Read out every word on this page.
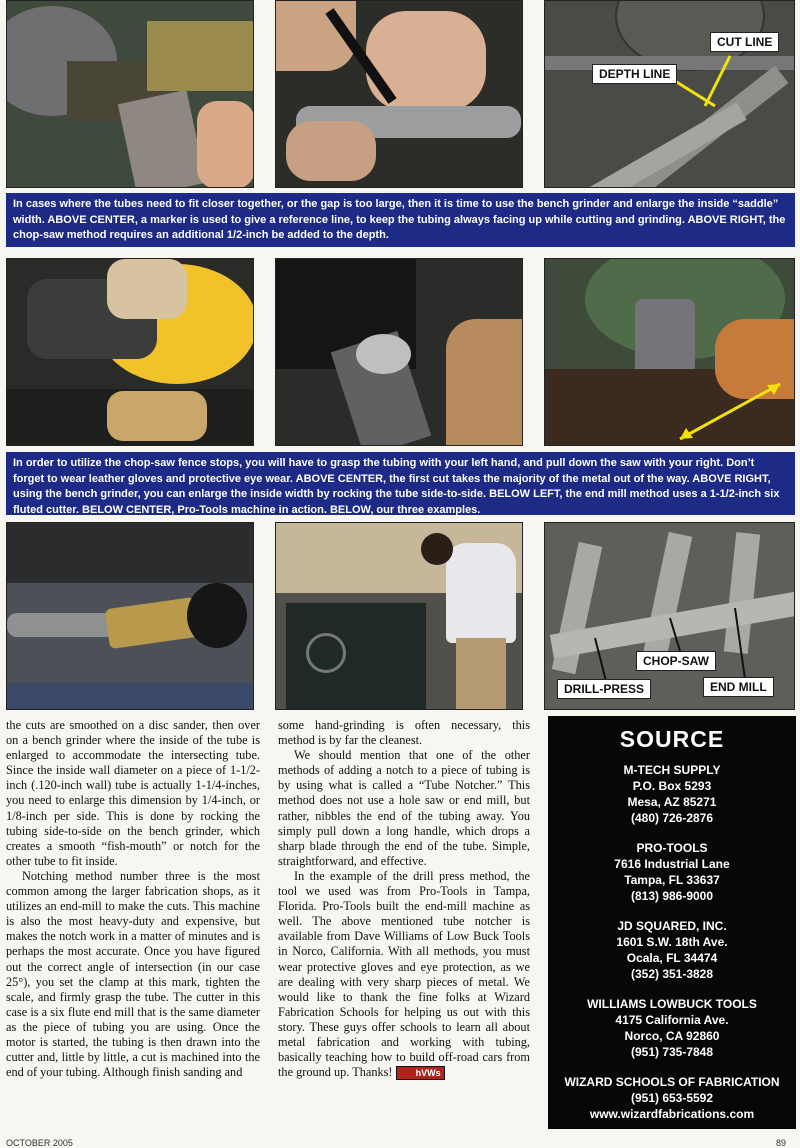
CUT LINE
DEPTH LINE
In cases where the tubes need to fit closer together, or the gap is too large, then it is time to use the bench grinder and enlarge the inside “saddle” width. ABOVE CENTER, a marker is used to give a reference line, to keep the tubing always facing up while cutting and grinding. ABOVE RIGHT, the chop-saw method requires an additional 1/2-inch be added to the depth.
In order to utilize the chop-saw fence stops, you will have to grasp the tubing with your left hand, and pull down the saw with your right. Don’t forget to wear leather gloves and protective eye wear. ABOVE CENTER, the first cut takes the majority of the metal out of the way. ABOVE RIGHT, using the bench grinder, you can enlarge the inside width by rocking the tube side-to-side. BELOW LEFT, the end mill method uses a 1-1/2-inch six fluted cutter. BELOW CENTER, Pro-Tools machine in action. BELOW, our three examples.
CHOP-SAW
DRILL-PRESS	END MILL

the cuts are smoothed on a disc sander, then over on a bench grinder where the inside of the tube is enlarged to accommodate the intersecting tube. Since the inside wall diameter on a piece of 1-1/2-inch (.120-inch wall) tube is actually 1-1/4-inches, you need to enlarge this dimension by 1/4-inch, or 1/8-inch per side. This is done by rocking the tubing side-to-side on the bench grinder, which creates a smooth “fish-mouth” or notch for the other tube to fit inside.

Notching method number three is the most common among the larger fabrication shops, as it utilizes an end-mill to make the cuts. This machine is also the most heavy-duty and expensive, but makes the notch work in a matter of minutes and is perhaps the most accurate. Once you have figured out the correct angle of intersection (in our case 25°), you set the clamp at this mark, tighten the scale, and firmly grasp the tube. The cutter in this case is a six flute end mill that is the same diameter as the piece of tubing you are using. Once the motor is started, the tubing is then drawn into the cutter and, little by little, a cut is machined into the end of your tubing. Although finish sanding and

some hand-grinding is often necessary, this method is by far the cleanest.

We should mention that one of the other methods of adding a notch to a piece of tubing is by using what is called a “Tube Notcher.” This method does not use a hole saw or end mill, but rather, nibbles the end of the tubing away. You simply pull down a long handle, which drops a sharp blade through the end of the tube. Simple, straightforward, and effective.

In the example of the drill press method, the tool we used was from Pro-Tools in Tampa, Florida. Pro-Tools built the end-mill machine as well. The above mentioned tube notcher is available from Dave Williams of Low Buck Tools in Norco, California. With all methods, you must wear protective gloves and eye protection, as we are dealing with very sharp pieces of metal. We would like to thank the fine folks at Wizard Fabrication Schools for helping us out with this story. These guys offer schools to learn all about metal fabrication and working with tubing, basically teaching how to build off-road cars from the ground up. Thanks!	hVWs

SOURCE
M-TECH SUPPLY
P.O. Box 5293
Mesa, AZ 85271
(480) 726-2876
PRO-TOOLS
7616 Industrial Lane
Tampa, FL 33637
(813) 986-9000
JD SQUARED, INC.
1601 S.W. 18th Ave.
Ocala, FL 34474
(352) 351-3828
WILLIAMS LOWBUCK TOOLS
4175 California Ave.
Norco, CA 92860
(951) 735-7848
WIZARD SCHOOLS OF FABRICATION
(951) 653-5592
www.wizardfabrications.com
OCTOBER 2005	89
